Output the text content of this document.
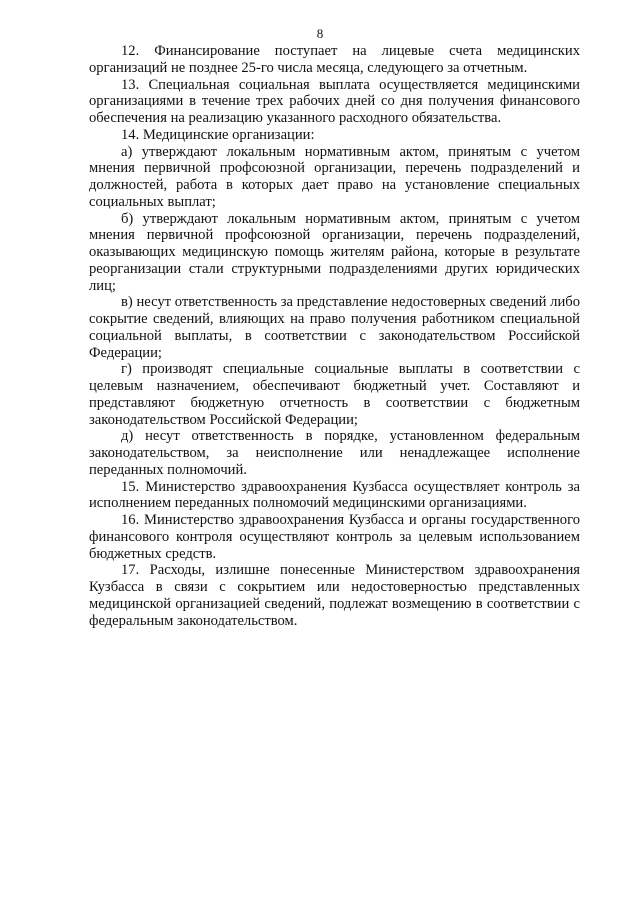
8

12. Финансирование поступает на лицевые счета медицинских организаций не позднее 25-го числа месяца, следующего за отчетным.

13. Специальная социальная выплата осуществляется медицинскими организациями в течение трех рабочих дней со дня получения финансового обеспечения на реализацию указанного расходного обязательства.

14. Медицинские организации:

а) утверждают локальным нормативным актом, принятым с учетом мнения первичной профсоюзной организации, перечень подразделений и должностей, работа в которых дает право на установление специальных социальных выплат;

б) утверждают локальным нормативным актом, принятым с учетом мнения первичной профсоюзной организации, перечень подразделений, оказывающих медицинскую помощь жителям района, которые в результате реорганизации стали структурными подразделениями других юридических лиц;

в) несут ответственность за представление недостоверных сведений либо сокрытие сведений, влияющих на право получения работником специальной социальной выплаты, в соответствии с законодательством Российской Федерации;

г) производят специальные социальные выплаты в соответствии с целевым назначением, обеспечивают бюджетный учет. Составляют и представляют бюджетную отчетность в соответствии с бюджетным законодательством Российской Федерации;

д) несут ответственность в порядке, установленном федеральным законодательством, за неисполнение или ненадлежащее исполнение переданных полномочий.

15. Министерство здравоохранения Кузбасса осуществляет контроль за исполнением переданных полномочий медицинскими организациями.

16. Министерство здравоохранения Кузбасса и органы государственного финансового контроля осуществляют контроль за целевым использованием бюджетных средств.

17. Расходы, излишне понесенные Министерством здравоохранения Кузбасса в связи с сокрытием или недостоверностью представленных медицинской организацией сведений, подлежат возмещению в соответствии с федеральным законодательством.
